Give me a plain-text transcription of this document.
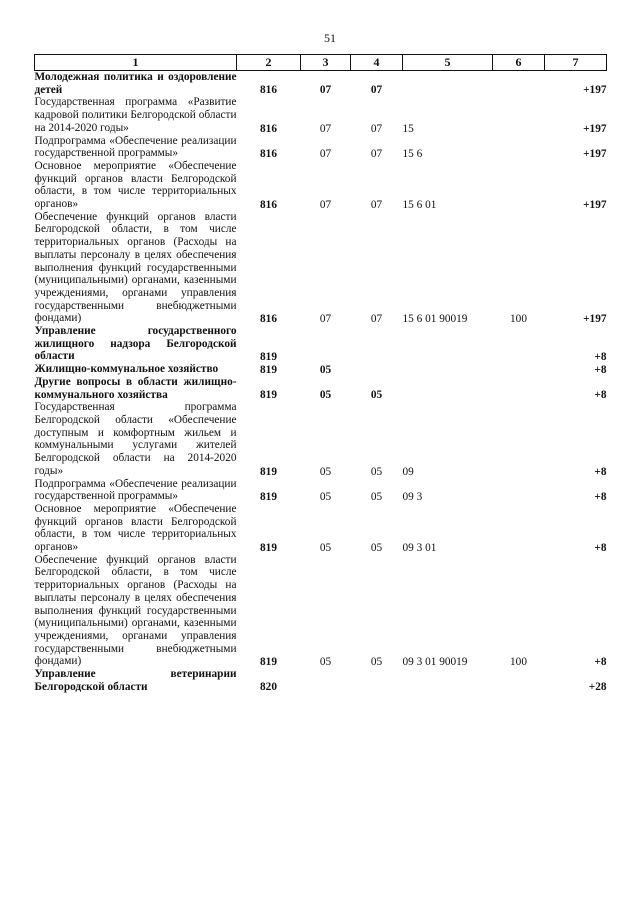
51
1	2	3	4	5	6	7
Молодежная политика и оздоровление детей	816	07	07			+197
Государственная программа «Развитие кадровой политики Белгородской области на 2014-2020 годы»	816	07	07	15		+197
Подпрограмма «Обеспечение реализации государственной программы»	816	07	07	15 6		+197
Основное мероприятие «Обеспечение функций органов власти Белгородской области, в том числе территориальных органов»	816	07	07	15 6 01		+197
Обеспечение функций органов власти Белгородской области, в том числе территориальных органов (Расходы на выплаты персоналу в целях обеспечения выполнения функций государственными (муниципальными) органами, казенными учреждениями, органами управления государственными внебюджетными фондами)	816	07	07	15 6 01 90019	100	+197
Управление государственного жилищного надзора Белгородской области	819					+8
Жилищно-коммунальное хозяйство	819	05				+8
Другие вопросы в области жилищно-коммунального хозяйства	819	05	05			+8
Государственная программа Белгородской области «Обеспечение доступным и комфортным жильем и коммунальными услугами жителей Белгородской области на 2014-2020 годы»	819	05	05	09		+8
Подпрограмма «Обеспечение реализации государственной программы»	819	05	05	09 3		+8
Основное мероприятие «Обеспечение функций органов власти Белгородской области, в том числе территориальных органов»	819	05	05	09 3 01		+8
Обеспечение функций органов власти Белгородской области, в том числе территориальных органов (Расходы на выплаты персоналу в целях обеспечения выполнения функций государственными (муниципальными) органами, казенными учреждениями, органами управления государственными внебюджетными фондами)	819	05	05	09 3 01 90019	100	+8
Управление ветеринарии Белгородской области	820					+28
